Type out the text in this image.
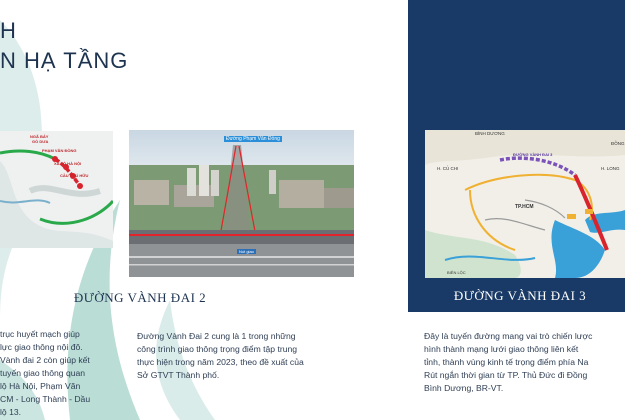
H
N HẠ TẦNG
NGÃ BẢY
GÒ DƯA
PHẠM VĂN ĐỒNG
XA LỘ HÀ NỘI
CẦU PHÚ HỮU
Đường Phạm Văn Đồng
Nút giao
ĐƯỜNG VÀNH ĐAI 2
trục huyết mạch giúp
lực giao thông nội đô.
Vành đai 2 còn giúp kết
tuyến giao thông quan
lộ Hà Nội, Phạm Văn
CM - Long Thành - Dầu
lộ 13.
Đường Vành Đai 2 cung là 1 trong những
công trình giao thông trọng điểm tập trung
thực hiện trong năm 2023, theo đề xuất của
Sở GTVT Thành phố.
BÌNH DƯƠNG
ĐƯỜNG VÀNH ĐAI 3
H. CỦ CHI
TP.HCM
H. LONG
ĐỒNG
BIÊN LỘC
ĐƯỜNG VÀNH ĐAI 3
Đây là tuyến đường mang vai trò chiến lược
hình thành mạng lưới giao thông liên kết
tỉnh, thành vùng kinh tế trọng điểm phía Na
Rút ngắn thời gian từ TP. Thủ Đức đi Đồng
Bình Dương, BR-VT.
